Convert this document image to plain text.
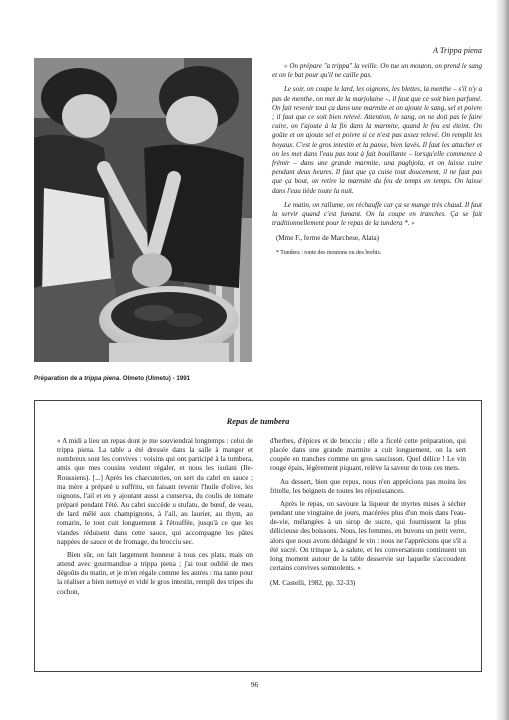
Préparation de a trippa piena. Olmeto (Ulmetu) - 1991
A Trippa piena

« On prépare "a trippa" la veille. On tue un mouton, on prend le sang et on le bat pour qu'il ne caille pas.

Le soir, on coupe le lard, les oignons, les blettes, la menthe – s'il n'y a pas de menthe, on met de la marjolaine –, il faut que ce soit bien parfumé. On fait revenir tout ça dans une marmite et on ajoute le sang, sel et poivre ; il faut que ce soit bien relevé. Attention, le sang, on ne doit pas le faire cuire, on l'ajoute à la fin dans la marmite, quand le feu est éteint. On goûte et on ajoute sel et poivre si ce n'est pas assez relevé. On remplit les boyaux. C'est le gros intestin et la panse, bien lavés. Il faut les attacher et on les met dans l'eau pas tout à fait bouillante – lorsqu'elle commence à frémir – dans une grande marmite, una paghjola, et on laisse cuire pendant deux heures. Il faut que ça cuise tout doucement, il ne faut pas que ça bout, on retire la marmite du feu de temps en temps. On laisse dans l'eau tiède toute la nuit.

Le matin, on rallume, on réchauffe car ça se mange très chaud. Il faut la servir quand c'est fumant. On la coupe en tranches. Ça se fait traditionnellement pour le repas de la tundera *. »

(Mme F., ferme de Marchese, Alata)

* Tundera : tonte des moutons ou des brebis.

Repas de tumbera

« A midi a lieu un repas dont je me souviendrai longtemps : celui de trippa piena. La table a été dressée dans la salle à manger et nombreux sont les convives : voisins qui ont participé à la tumbera, amis que mes cousins veulent régaler, et nous les isulani (Ile-Roussiens). [...] Après les charcuteries, on sert du cabri en sauce ; ma mère a préparé u suffritu, en faisant revenir l'huile d'olive, les oignons, l'ail et en y ajoutant aussi a cunserva, du coulis de tomate préparé pendant l'été. Au cabri succède u stufatu, de bœuf, de veau, de lard mêlé aux champignons, à l'ail, au laurier, au thym, au romarin, le tout cuit longuement à l'étouffée, jusqu'à ce que les viandes réduisent dans cette sauce, qui accompagne les pâtes nappées de sauce et de fromage, du brocciu sec.

Bien sûr, on fait largement honneur à tous ces plats, mais on attend avec gourmandise a trippa piena ; j'ai tout oublié de mes dégoûts du matin, et je m'en régale comme les autres : ma tante pour la réaliser a bien nettoyé et vidé le gros intestin, rempli des tripes du cochon,

d'herbes, d'épices et de brocciu ; elle a ficelé cette préparation, qui placée dans une grande marmite a cuit longuement, on la sert coupée en tranches comme un gros saucisson. Quel délice ! Le vin rouge épais, légèrement piquant, relève la saveur de tous ces mets.

Au dessert, bien que repus, nous n'en apprécions pas moins les fritelle, les beignets de toutes les réjouissances.

Après le repas, on savoure la liqueur de myrtes mises à sécher pendant une vingtaine de jours, macérées plus d'un mois dans l'eau-de-vie, mélangées à un sirop de sucre, qui fournissent la plus délicieuse des boissons. Nous, les femmes, en buvons un petit verre, alors que nous avons dédaigné le vin : nous ne l'apprécions que s'il a été sucré. On trinque à, a salute, et les conversations continuent un long moment autour de la table desservie sur laquelle s'accoudent certains convives somnolents. »

(M. Castelli, 1982, pp. 32-33)

96
